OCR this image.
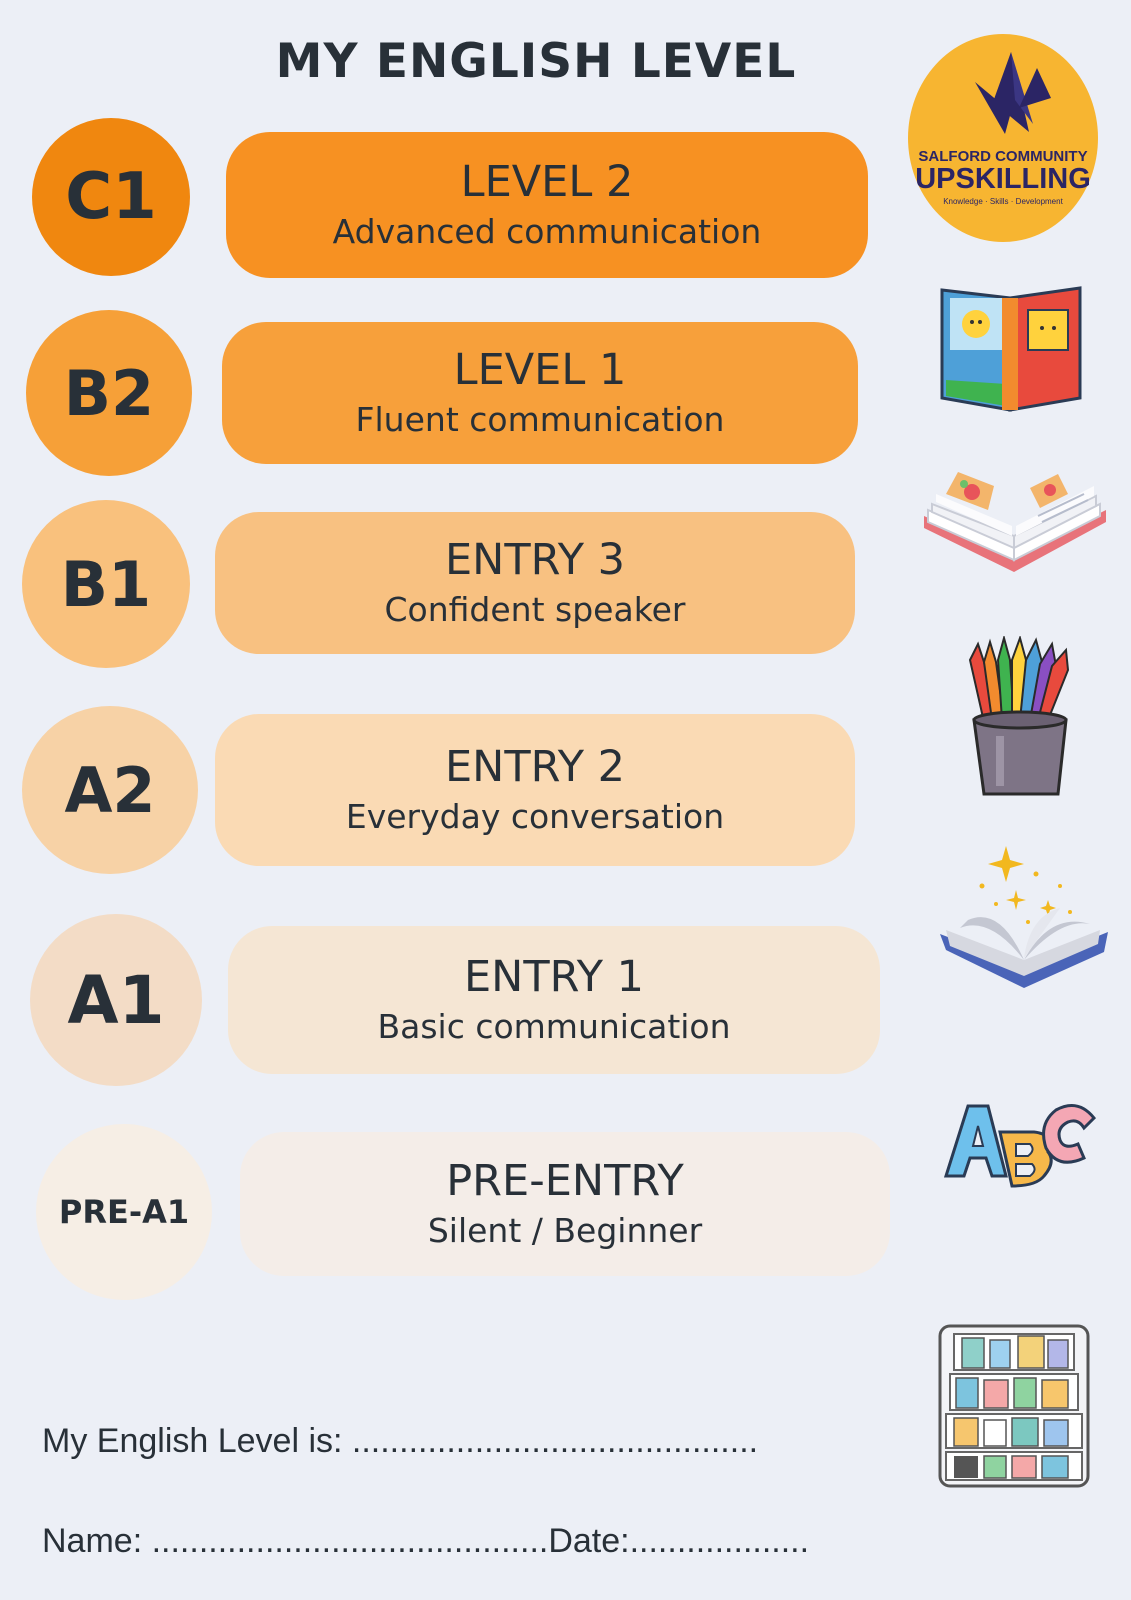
MY ENGLISH LEVEL
C1	LEVEL 2
Advanced communication
B2	LEVEL 1
Fluent communication
B1	ENTRY 3
Confident speaker
A2	ENTRY 2
Everyday conversation
A1	ENTRY 1
Basic communication
PRE-A1
PRE-ENTRY
Silent / Beginner
SALFORD COMMUNITY
UPSKILLING
Knowledge · Skills · Development
My English Level is: ...........................................
Name: ..........................................Date:...................
